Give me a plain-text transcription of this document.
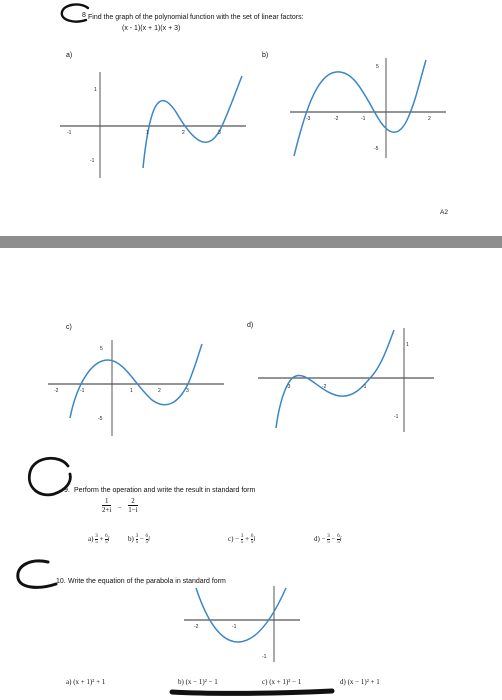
8 Find the graph of the polynomial function with the set of linear factors:
(x - 1)(x + 1)(x + 3)
a)	b)
1
-1
-1	1	2	3
5
-5
-3	-2	-1	2
A2
c)	d)
5
-5
-2	-1	1	2	3
1
-1
-3	-2	-1
9. Perform the operation and write the result in standard form
$\frac{1}{2+i} - \frac{2}{1-i}$
a) 3
5 + 6
5i	b) 3
5 − 6
5i	c) − 3
5 + 6
5i	d) − 3
5 − 6
5i
10. Write the equation of the parabola in standard form
-2	-1
-1
a) (x + 1)² + 1	b) (x − 1)² − 1	c) (x + 1)² − 1	d) (x − 1)² + 1
